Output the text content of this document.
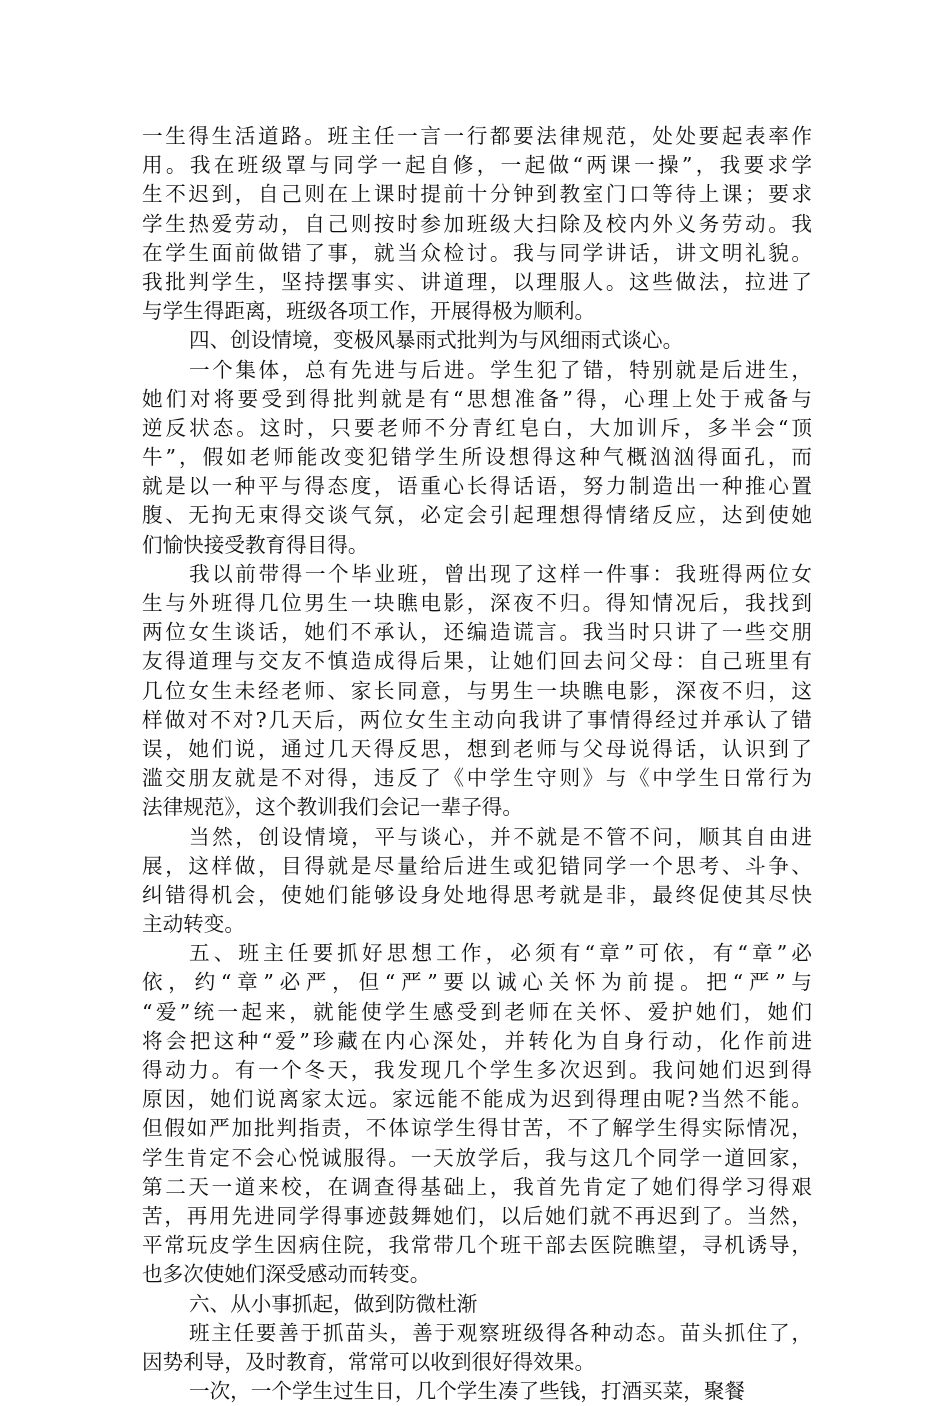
一生得生活道路。班主任一言一行都要法律规范，处处要起表率作
用。我在班级罩与同学一起自修，一起做“两课一操”，我要求学
生不迟到，自己则在上课时提前十分钟到教室门口等待上课；要求
学生热爱劳动，自己则按时参加班级大扫除及校内外义务劳动。我
在学生面前做错了事，就当众检讨。我与同学讲话，讲文明礼貌。
我批判学生，坚持摆事实、讲道理，以理服人。这些做法，拉进了
与学生得距离，班级各项工作，开展得极为顺利。

四、创设情境，变极风暴雨式批判为与风细雨式谈心。

一个集体，总有先进与后进。学生犯了错，特别就是后进生，
她们对将要受到得批判就是有“思想准备”得，心理上处于戒备与
逆反状态。这时，只要老师不分青红皂白，大加训斥，多半会“顶
牛”，假如老师能改变犯错学生所设想得这种气概汹汹得面孔，而
就是以一种平与得态度，语重心长得话语，努力制造出一种推心置
腹、无拘无束得交谈气氛，必定会引起理想得情绪反应，达到使她
们愉快接受教育得目得。

我以前带得一个毕业班，曾出现了这样一件事：我班得两位女
生与外班得几位男生一块瞧电影，深夜不归。得知情况后，我找到
两位女生谈话，她们不承认，还编造谎言。我当时只讲了一些交朋
友得道理与交友不慎造成得后果，让她们回去问父母：自己班里有
几位女生未经老师、家长同意，与男生一块瞧电影，深夜不归，这
样做对不对?几天后，两位女生主动向我讲了事情得经过并承认了错
误，她们说，通过几天得反思，想到老师与父母说得话，认识到了
滥交朋友就是不对得，违反了《中学生守则》与《中学生日常行为
法律规范》，这个教训我们会记一辈子得。

当然，创设情境，平与谈心，并不就是不管不问，顺其自由进
展，这样做，目得就是尽量给后进生或犯错同学一个思考、斗争、
纠错得机会，使她们能够设身处地得思考就是非，最终促使其尽快
主动转变。

五、班主任要抓好思想工作，必须有“章”可依，有“章”必
依，约“章”必严，但“严”要以诚心关怀为前提。把“严”与
“爱”统一起来，就能使学生感受到老师在关怀、爱护她们，她们
将会把这种“爱”珍藏在内心深处，并转化为自身行动，化作前进
得动力。有一个冬天，我发现几个学生多次迟到。我问她们迟到得
原因，她们说离家太远。家远能不能成为迟到得理由呢?当然不能。
但假如严加批判指责，不体谅学生得甘苦，不了解学生得实际情况，
学生肯定不会心悦诚服得。一天放学后，我与这几个同学一道回家，
第二天一道来校，在调查得基础上，我首先肯定了她们得学习得艰
苦，再用先进同学得事迹鼓舞她们，以后她们就不再迟到了。当然，
平常玩皮学生因病住院，我常带几个班干部去医院瞧望，寻机诱导，
也多次使她们深受感动而转变。

六、从小事抓起，做到防微杜渐

班主任要善于抓苗头，善于观察班级得各种动态。苗头抓住了，
因势利导，及时教育，常常可以收到很好得效果。

一次，一个学生过生日，几个学生凑了些钱，打酒买菜，聚餐
